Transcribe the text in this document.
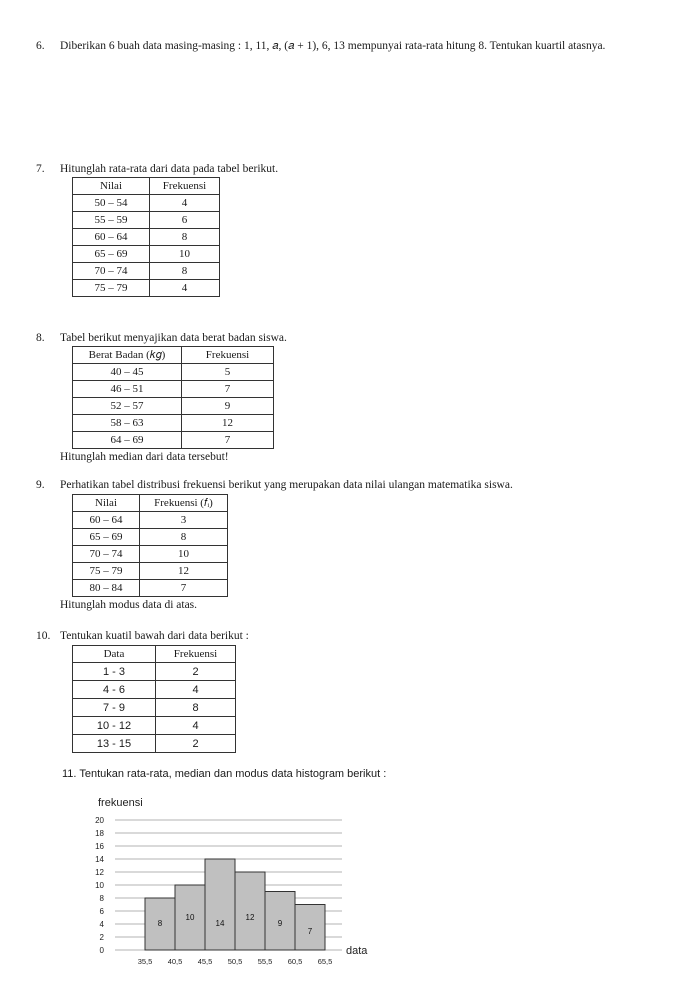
6. Diberikan 6 buah data masing-masing : 1, 11, 𝑎, (𝑎 + 1), 6, 13 mempunyai rata-rata hitung 8. Tentukan kuartil atasnya.
7. Hitunglah rata-rata dari data pada tabel berikut.
Nilai	Frekuensi
50 – 54	4
55 – 59	6
60 – 64	8
65 – 69	10
70 – 74	8
75 – 79	4
8. Tabel berikut menyajikan data berat badan siswa.
Berat Badan (𝑘𝑔)	Frekuensi
40 – 45	5
46 – 51	7
52 – 57	9
58 – 63	12
64 – 69	7
Hitunglah median dari data tersebut!
9. Perhatikan tabel distribusi frekuensi berikut yang merupakan data nilai ulangan matematika siswa.
Nilai	Frekuensi (𝑓ᵢ)
60 – 64	3
65 – 69	8
70 – 74	10
75 – 79	12
80 – 84	7
Hitunglah modus data di atas.
10. Tentukan kuatil bawah dari data berikut :
Data	Frekuensi
1 - 3	2
4 - 6	4
7 - 9	8
10 - 12	4
13 - 15	2
11. Tentukan rata-rata, median dan modus data histogram berikut :
frekuensi
0
2
4
6
8
10
12
14
16
18
20
8
10
14
12
9
7
35,5 40,5 45,5 50,5 55,5 60,5 65,5
data
